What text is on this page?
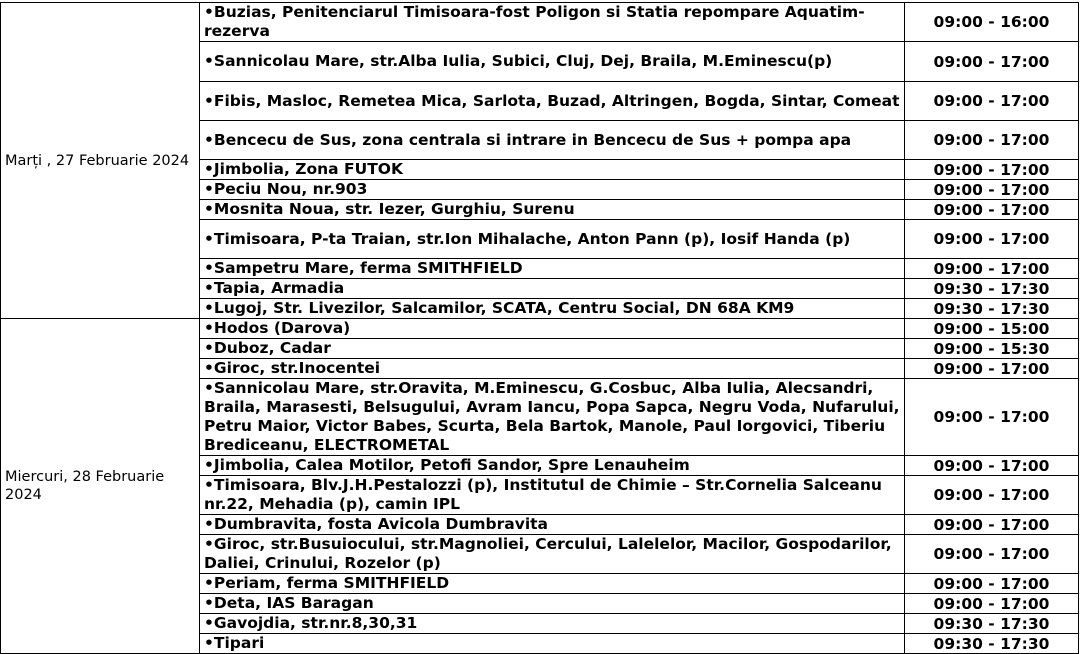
Marți , 27 Februarie 2024	•Buzias, Penitenciarul Timisoara-fost Poligon si Statia repompare Aquatim-rezerva	09:00 - 16:00
	•Sannicolau Mare, str.Alba Iulia, Subici, Cluj, Dej, Braila, M.Eminescu(p)	09:00 - 17:00
	•Fibis, Masloc, Remetea Mica, Sarlota, Buzad, Altringen, Bogda, Sintar, Comeat	09:00 - 17:00
	•Bencecu de Sus, zona centrala si intrare in Bencecu de Sus + pompa apa	09:00 - 17:00
	•Jimbolia, Zona FUTOK	09:00 - 17:00
	•Peciu Nou, nr.903	09:00 - 17:00
	•Mosnita Noua, str. Iezer, Gurghiu, Surenu	09:00 - 17:00
	•Timisoara, P-ta Traian, str.Ion Mihalache, Anton Pann (p), Iosif Handa (p)	09:00 - 17:00
	•Sampetru Mare, ferma SMITHFIELD	09:00 - 17:00
	•Tapia, Armadia	09:30 - 17:30
	•Lugoj, Str. Livezilor, Salcamilor, SCATA, Centru Social, DN 68A KM9	09:30 - 17:30
Miercuri, 28 Februarie 2024	•Hodos (Darova)	09:00 - 15:00
	•Duboz, Cadar	09:00 - 15:30
	•Giroc, str.Inocentei	09:00 - 17:00
	•Sannicolau Mare, str.Oravita, M.Eminescu, G.Cosbuc, Alba Iulia, Alecsandri, Braila, Marasesti, Belsugului, Avram Iancu, Popa Sapca, Negru Voda, Nufarului, Petru Maior, Victor Babes, Scurta, Bela Bartok, Manole, Paul Iorgovici, Tiberiu Brediceanu, ELECTROMETAL	09:00 - 17:00
	•Jimbolia, Calea Motilor, Petofi Sandor, Spre Lenauheim	09:00 - 17:00
	•Timisoara, Blv.J.H.Pestalozzi (p), Institutul de Chimie – Str.Cornelia Salceanu nr.22, Mehadia (p), camin IPL	09:00 - 17:00
	•Dumbravita, fosta Avicola Dumbravita	09:00 - 17:00
	•Giroc, str.Busuiocului, str.Magnoliei, Cercului, Lalelelor, Macilor, Gospodarilor, Daliei, Crinului, Rozelor (p)	09:00 - 17:00
	•Periam, ferma SMITHFIELD	09:00 - 17:00
	•Deta, IAS Baragan	09:00 - 17:00
	•Gavojdia, str.nr.8,30,31	09:30 - 17:30
	•Tipari	09:30 - 17:30
